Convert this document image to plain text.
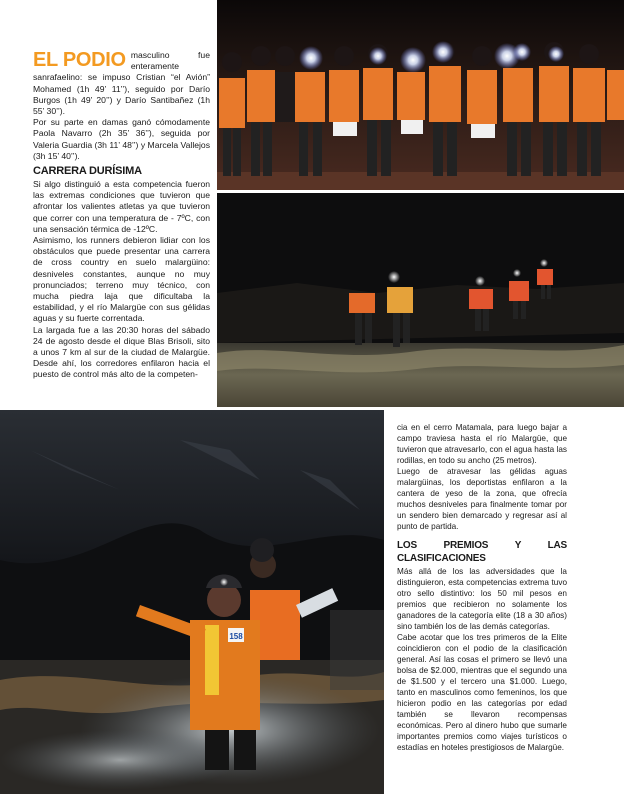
158
EL PODIO masculino fue enteramente sanrafaelino: se impuso Cristian “el Avión” Mohamed (1h 49’ 11’’), seguido por Darío Burgos (1h 49’ 20’’) y Darío Santibañez (1h 55’ 30’’).

Por su parte en damas ganó cómodamente Paola Navarro (2h 35’ 36’’), seguida por Valeria Guardia (3h 11’ 48’’) y Marcela Vallejos (3h 15’ 40’’).

CARRERA DURÍSIMA

Si algo distinguió a esta competencia fueron las extremas condiciones que tuvieron que afrontar los valientes atletas ya que tuvieron que correr con una temperatura de - 7ºC, con una sensación térmica de -12ºC.

Asimismo, los runners debieron lidiar con los obstáculos que puede presentar una carrera de cross country en suelo malargüino: desniveles constantes, aunque no muy pronunciados; terreno muy técnico, con mucha piedra laja que dificultaba la estabilidad, y el río Malargüe con sus gélidas aguas y su fuerte correntada.

La largada fue a las 20:30 horas del sábado 24 de agosto desde el dique Blas Brisoli, sito a unos 7 km al sur de la ciudad de Malargüe. Desde ahí, los corredores enfilaron hacia el puesto de control más alto de la competen-

cia en el cerro Matamala, para luego bajar a campo traviesa hasta el río Malargüe, que tuvieron que atravesarlo, con el agua hasta las rodillas, en todo su ancho (25 metros).

Luego de atravesar las gélidas aguas malargüinas, los deportistas enfilaron a la cantera de yeso de la zona, que ofrecía muchos desniveles para finalmente tomar por un sendero bien demarcado y regresar así al punto de partida.

LOS PREMIOS Y LAS CLASIFICACIONES

Más allá de los las adversidades que la distinguieron, esta competencias extrema tuvo otro sello distintivo: los 50 mil pesos en premios que recibieron no solamente los ganadores de la categoría elite (18 a 30 años) sino también los de las demás categorías.

Cabe acotar que los tres primeros de la Elite coincidieron con el podio de la clasificación general. Así las cosas el primero se llevó una bolsa de $2.000, mientras que el segundo una de $1.500 y el tercero una $1.000. Luego, tanto en masculinos como femeninos, los que hicieron podio en las categorías por edad también se llevaron recompensas económicas. Pero al dinero hubo que sumarle importantes premios como viajes turísticos o estadías en hoteles prestigiosos de Malargüe.
